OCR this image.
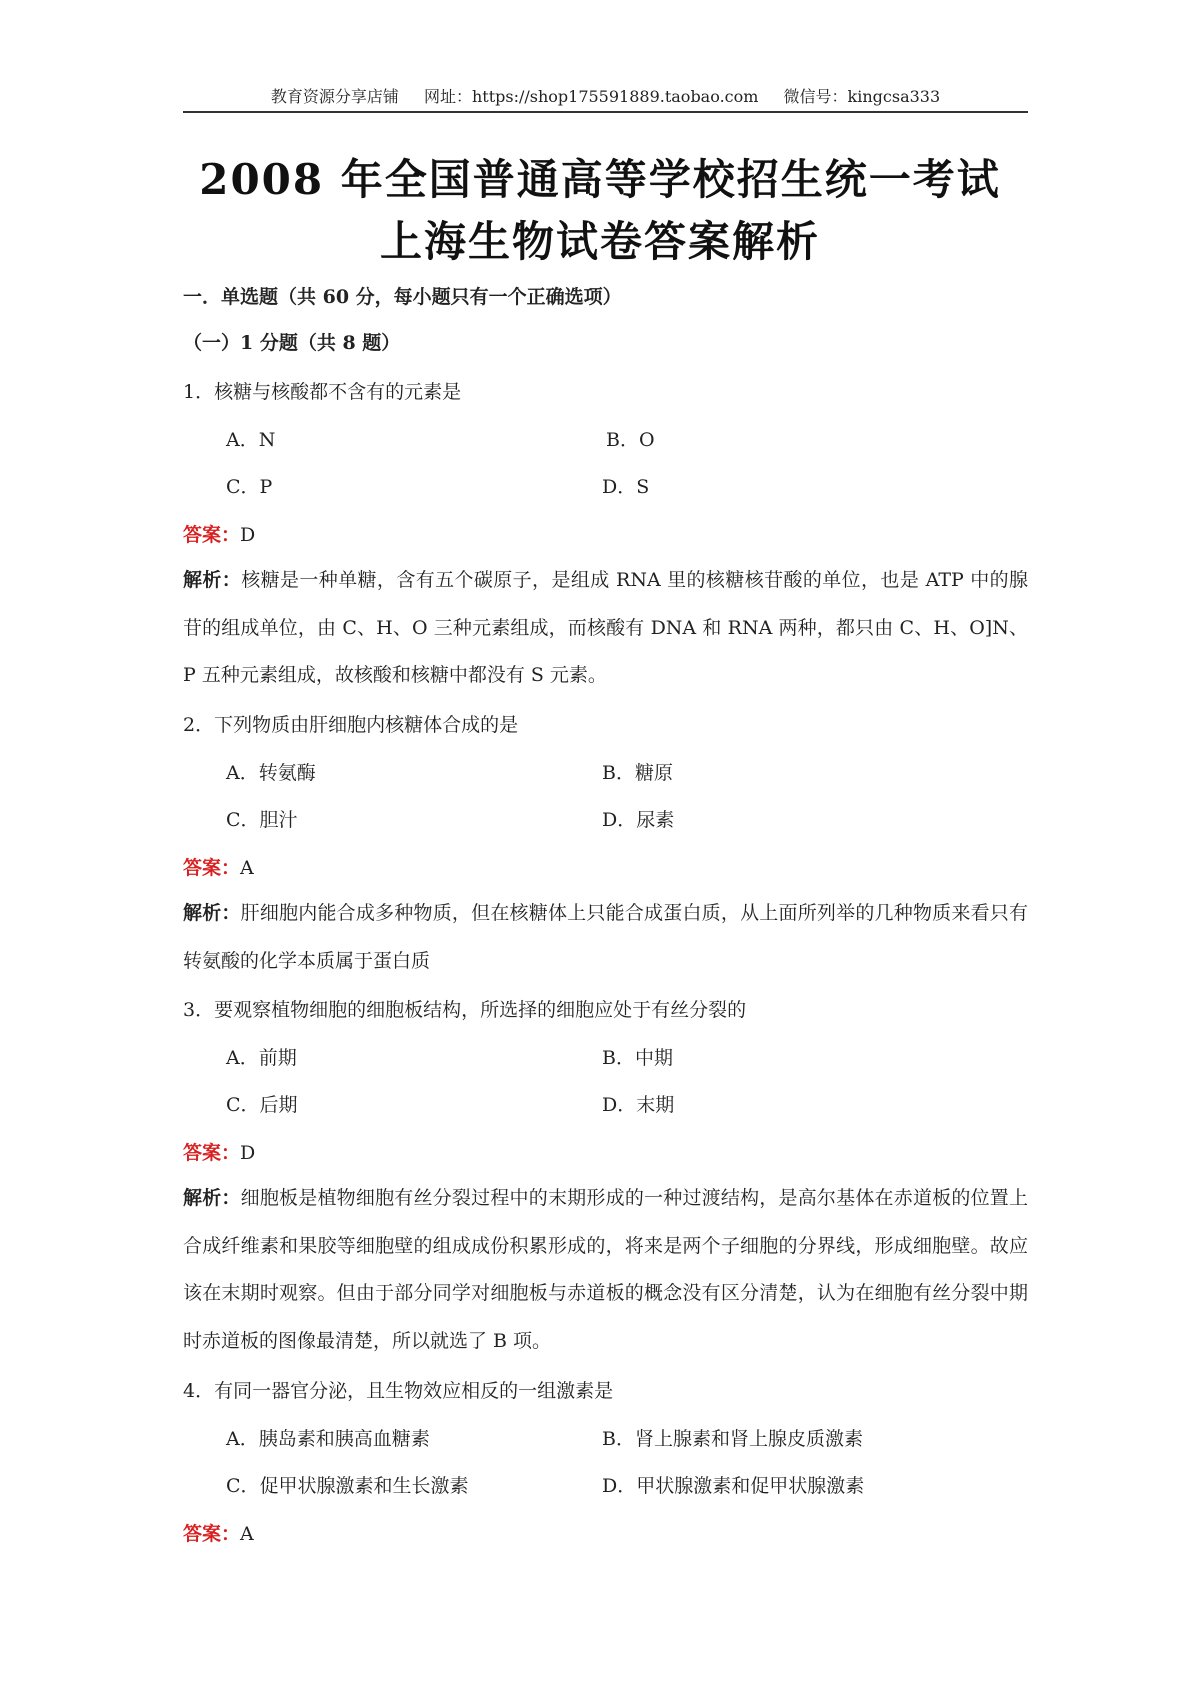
教育资源分享店铺 网址：https://shop175591889.taobao.com 微信号：kingcsa333
2008 年全国普通高等学校招生统一考试
上海生物试卷答案解析
一．单选题（共 60 分，每小题只有一个正确选项）
（一）1 分题（共 8 题）
1．核糖与核酸都不含有的元素是
A．N	B．O
C．P	D．S
答案：D
解析：核糖是一种单糖，含有五个碳原子，是组成 RNA 里的核糖核苷酸的单位，也是 ATP 中的腺苷的组成单位，由 C、H、O 三种元素组成，而核酸有 DNA 和 RNA 两种，都只由 C、H、O]N、P 五种元素组成，故核酸和核糖中都没有 S 元素。
2．下列物质由肝细胞内核糖体合成的是
A．转氨酶	B．糖原
C．胆汁	D．尿素
答案：A
解析：肝细胞内能合成多种物质，但在核糖体上只能合成蛋白质，从上面所列举的几种物质来看只有转氨酸的化学本质属于蛋白质
3．要观察植物细胞的细胞板结构，所选择的细胞应处于有丝分裂的
A．前期	B．中期
C．后期	D．末期
答案：D
解析：细胞板是植物细胞有丝分裂过程中的末期形成的一种过渡结构，是高尔基体在赤道板的位置上合成纤维素和果胶等细胞壁的组成成份积累形成的，将来是两个子细胞的分界线，形成细胞壁。故应该在末期时观察。但由于部分同学对细胞板与赤道板的概念没有区分清楚，认为在细胞有丝分裂中期时赤道板的图像最清楚，所以就选了 B 项。
4．有同一器官分泌，且生物效应相反的一组激素是
A．胰岛素和胰高血糖素	B．肾上腺素和肾上腺皮质激素
C．促甲状腺激素和生长激素	D．甲状腺激素和促甲状腺激素
答案：A
